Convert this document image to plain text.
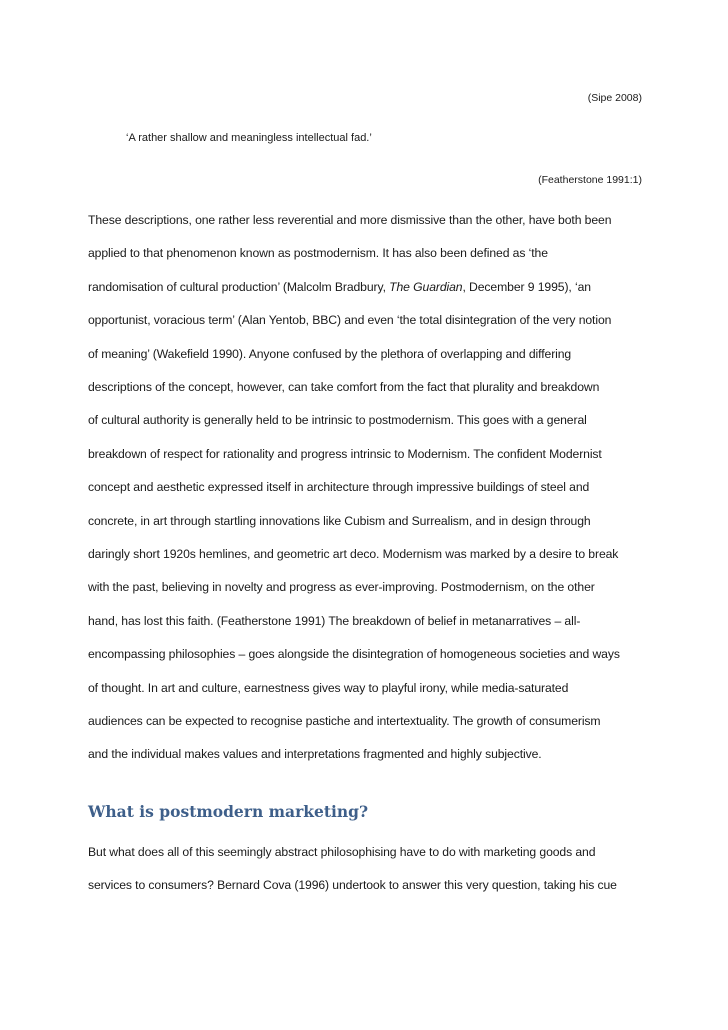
(Sipe 2008)
‘A rather shallow and meaningless intellectual fad.’
(Featherstone 1991:1)
These descriptions, one rather less reverential and more dismissive than the other, have both been
applied to that phenomenon known as postmodernism. It has also been defined as ‘the
randomisation of cultural production’ (Malcolm Bradbury, The Guardian, December 9 1995), ‘an
opportunist, voracious term’ (Alan Yentob, BBC) and even ‘the total disintegration of the very notion
of meaning’ (Wakefield 1990). Anyone confused by the plethora of overlapping and differing
descriptions of the concept, however, can take comfort from the fact that plurality and breakdown
of cultural authority is generally held to be intrinsic to postmodernism. This goes with a general
breakdown of respect for rationality and progress intrinsic to Modernism. The confident Modernist
concept and aesthetic expressed itself in architecture through impressive buildings of steel and
concrete, in art through startling innovations like Cubism and Surrealism, and in design through
daringly short 1920s hemlines, and geometric art deco. Modernism was marked by a desire to break
with the past, believing in novelty and progress as ever-improving. Postmodernism, on the other
hand, has lost this faith. (Featherstone 1991) The breakdown of belief in metanarratives – all-
encompassing philosophies – goes alongside the disintegration of homogeneous societies and ways
of thought. In art and culture, earnestness gives way to playful irony, while media-saturated
audiences can be expected to recognise pastiche and intertextuality. The growth of consumerism
and the individual makes values and interpretations fragmented and highly subjective.
What is postmodern marketing?
But what does all of this seemingly abstract philosophising have to do with marketing goods and
services to consumers? Bernard Cova (1996) undertook to answer this very question, taking his cue
